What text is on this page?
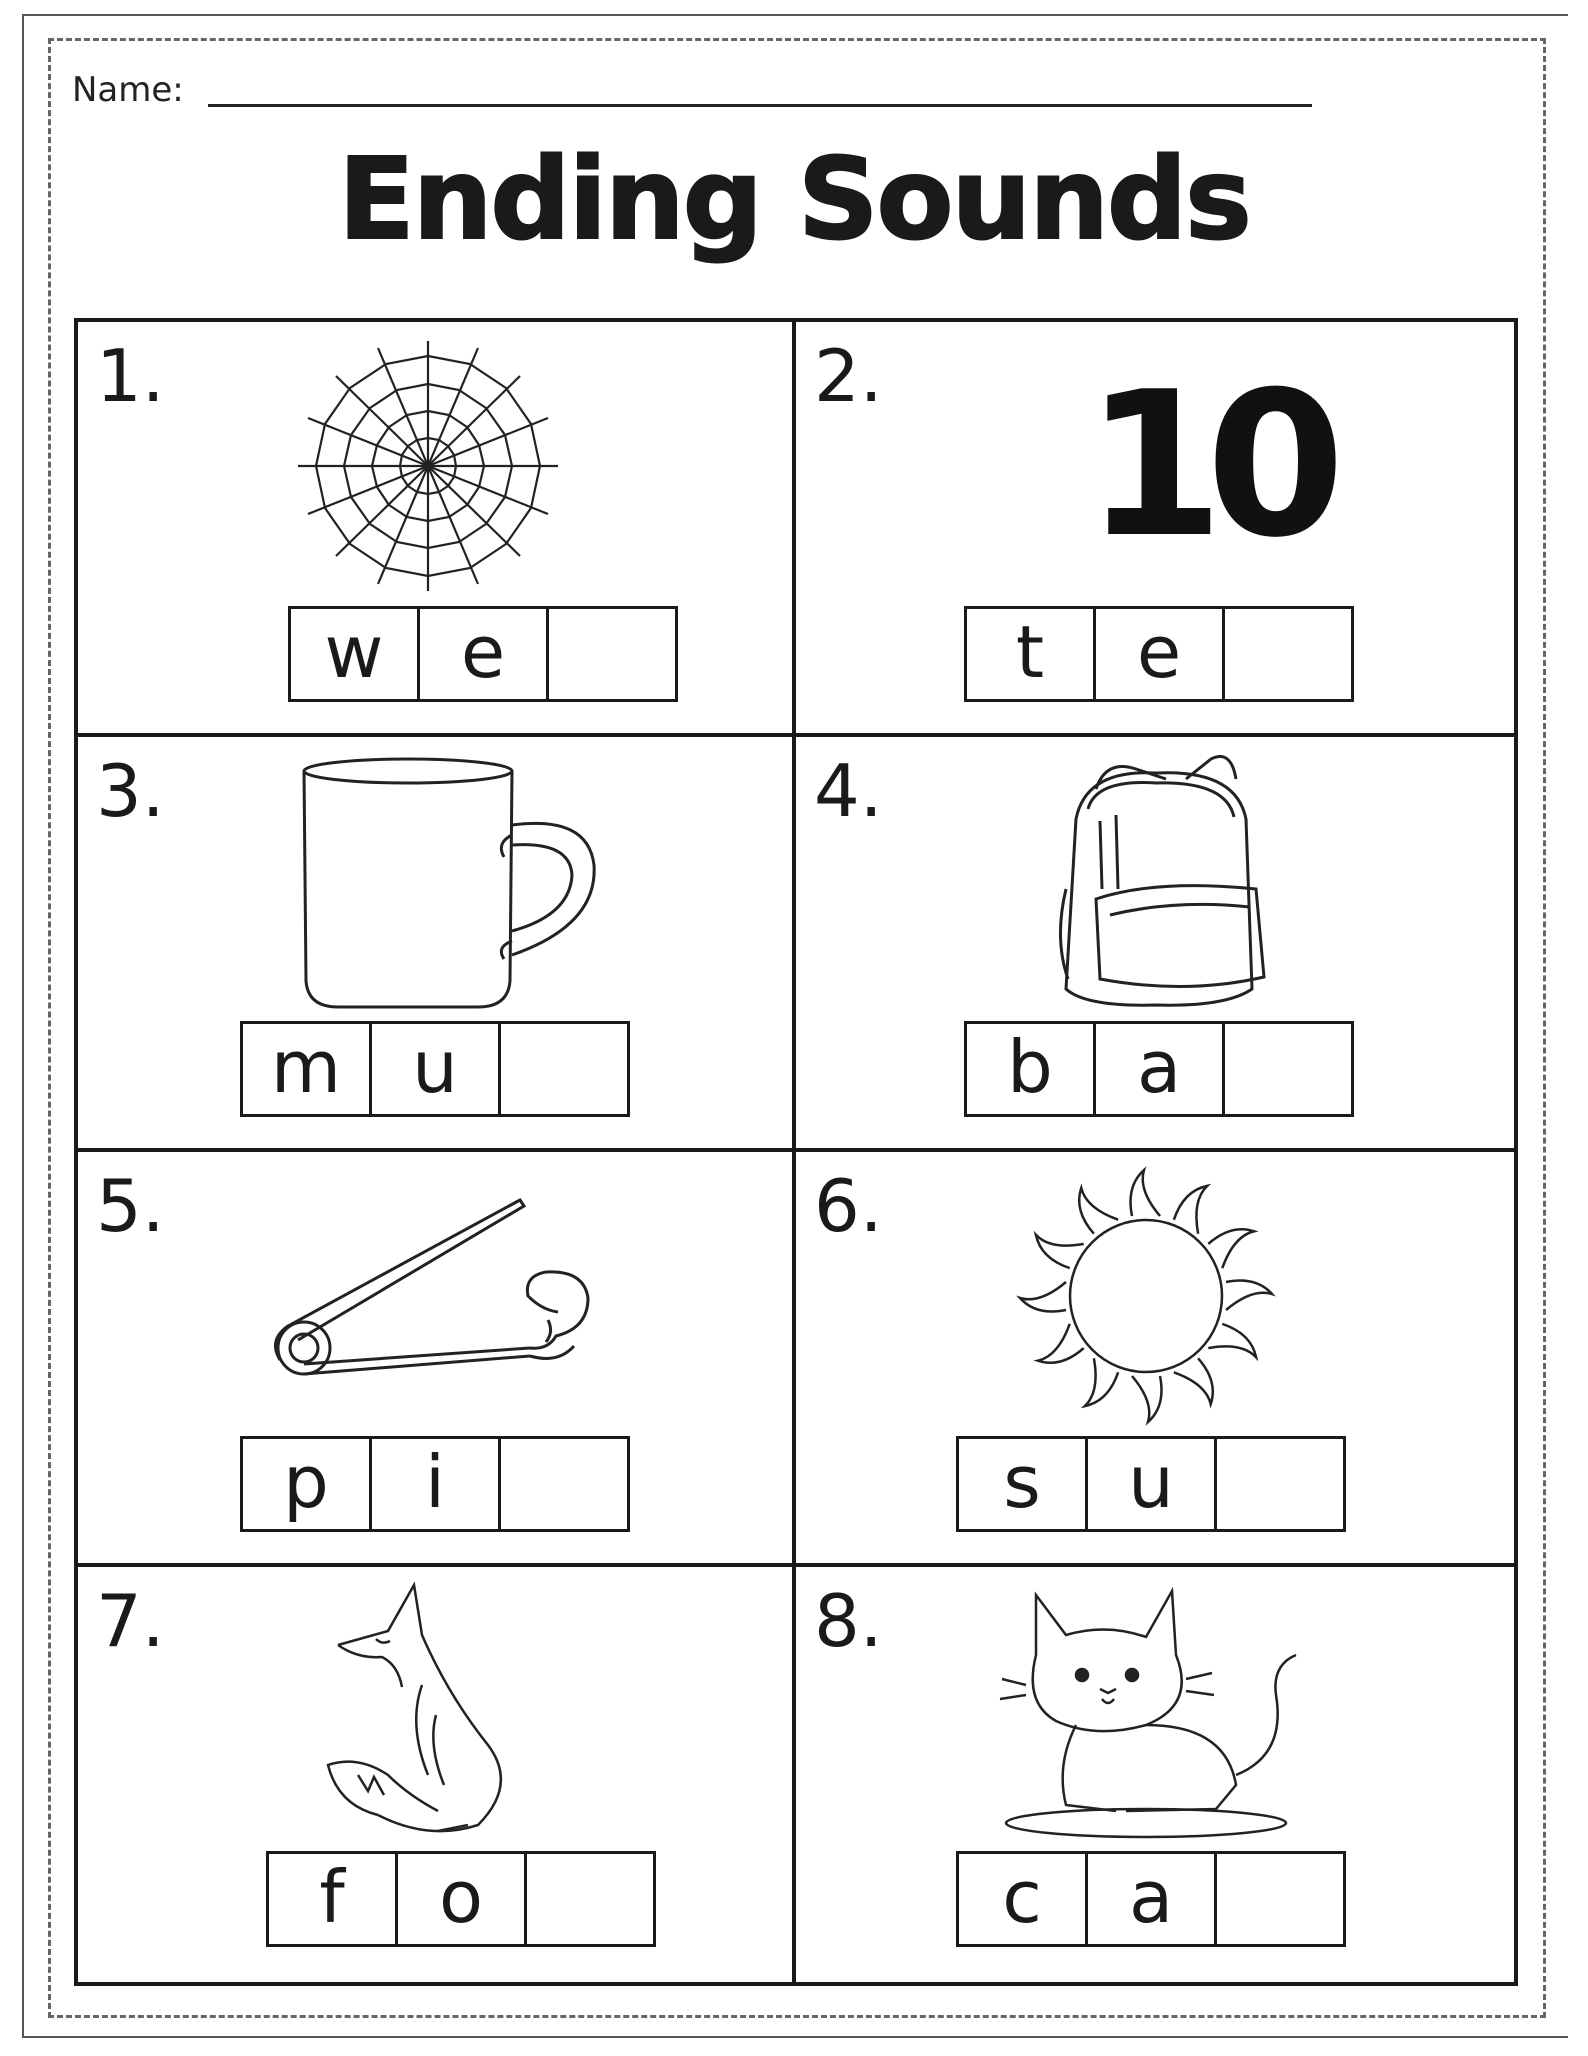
Name:
Ending Sounds
1.
w	e
2. 10
t	e
3.
m u
4.
b	a
5.
p	i
6.
s	u
7.
f	o
8.
c	a
